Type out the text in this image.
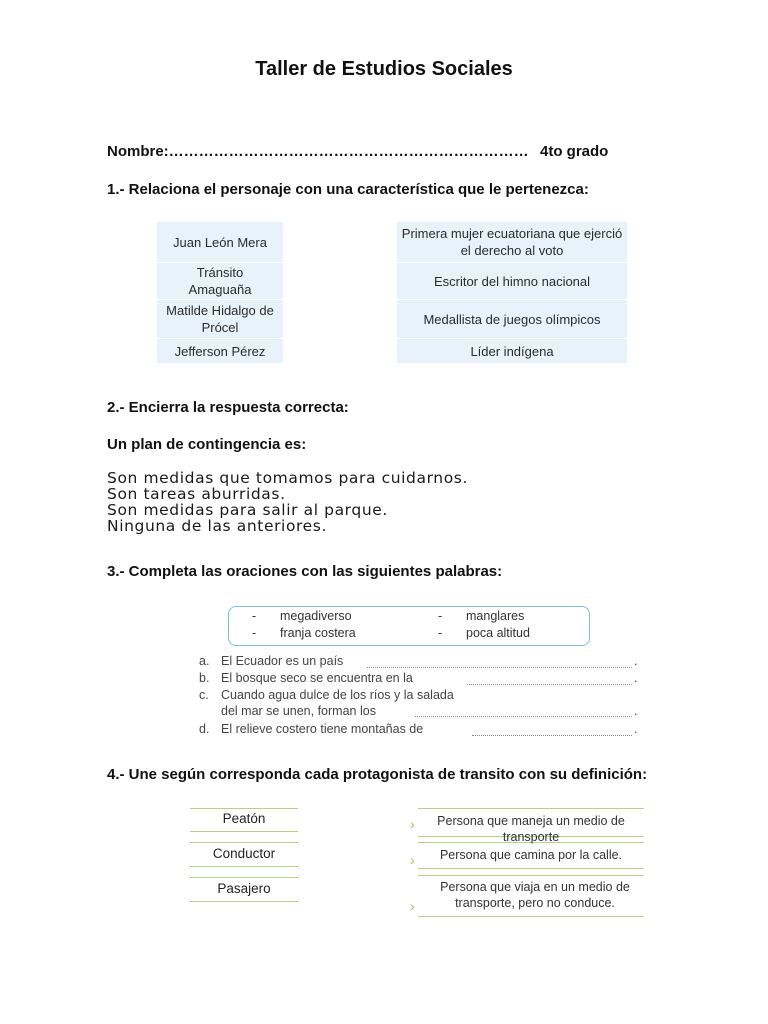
Taller de Estudios Sociales
Nombre:……………………………………………………………… 4to grado
1.- Relaciona el personaje con una característica que le pertenezca:
Juan León Mera
Tránsito Amaguaña
Matilde Hidalgo de Prócel
Jefferson Pérez
Primera mujer ecuatoriana que ejerció el derecho al voto
Escritor del himno nacional
Medallista de juegos olímpicos
Líder indígena
2.- Encierra la respuesta correcta:
Un plan de contingencia es:
Son medidas que tomamos para cuidarnos.
Son tareas aburridas.
Son medidas para salir al parque.
Ninguna de las anteriores.
3.- Completa las oraciones con las siguientes palabras:
- megadiverso	- manglares
- franja costera	- poca altitud
a. El Ecuador es un país	.
b. El bosque seco se encuentra en la	.
c. Cuando agua dulce de los ríos y la salada
del mar se unen, forman los	.
d. El relieve costero tiene montañas de	.
4.- Une según corresponda cada protagonista de transito con su definición:
Peatón
Conductor
Pasajero
›
›
›
Persona que maneja un medio de transporte
Persona que camina por la calle.
Persona que viaja en un medio de transporte, pero no conduce.
